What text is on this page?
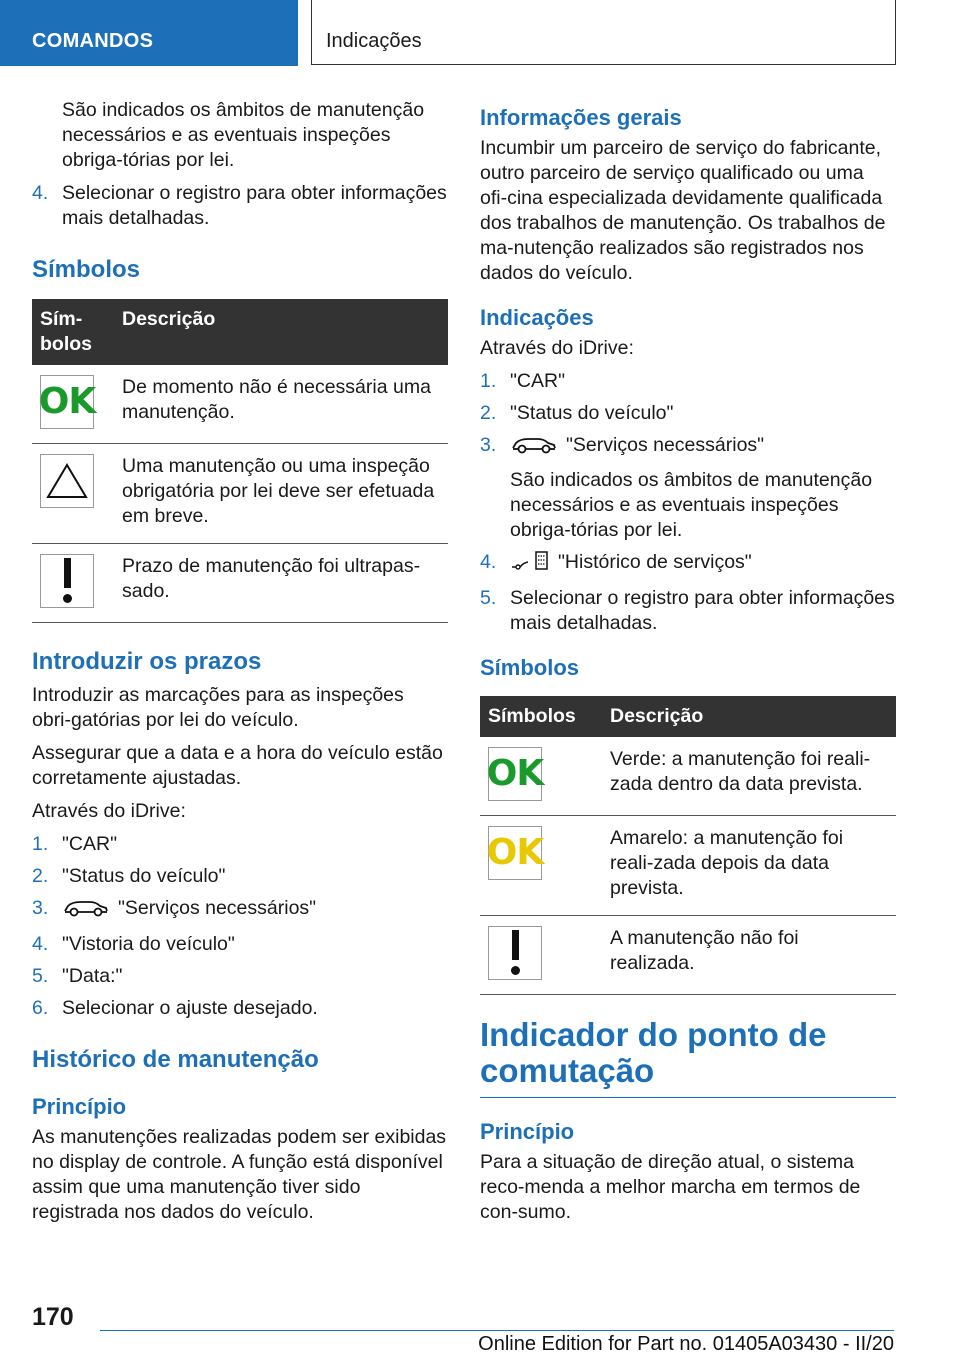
COMANDOS	Indicações

São indicados os âmbitos de manutenção necessários e as eventuais inspeções obriga-tórias por lei.

4. Selecionar o registro para obter informações mais detalhadas.
Símbolos
Sím-bolos	Descrição

OK	De momento não é necessária uma manutenção.

	Uma manutenção ou uma inspeção obrigatória por lei deve ser efetuada em breve.

	Prazo de manutenção foi ultrapas-sado.
Introduzir os prazos

Introduzir as marcações para as inspeções obri-gatórias por lei do veículo.

Assegurar que a data e a hora do veículo estão corretamente ajustadas.

Através do iDrive:

1. "CAR"
2. "Status do veículo"
3.	"Serviços necessários"
4. "Vistoria do veículo"
5. "Data:"
6. Selecionar o ajuste desejado.
Histórico de manutenção
Princípio

As manutenções realizadas podem ser exibidas no display de controle. A função está disponível assim que uma manutenção tiver sido registrada nos dados do veículo.

Informações gerais

Incumbir um parceiro de serviço do fabricante, outro parceiro de serviço qualificado ou uma ofi-cina especializada devidamente qualificada dos trabalhos de manutenção. Os trabalhos de ma-nutenção realizados são registrados nos dados do veículo.

Indicações

Através do iDrive:

1. "CAR"
2. "Status do veículo"
3.	"Serviços necessários"
São indicados os âmbitos de manutenção necessários e as eventuais inspeções obriga-tórias por lei.
4.	"Histórico de serviços"
5. Selecionar o registro para obter informações mais detalhadas.
Símbolos
Símbolos	Descrição

OK	Verde: a manutenção foi reali-zada dentro da data prevista.

OK	Amarelo: a manutenção foi reali-zada depois da data prevista.

	A manutenção não foi realizada.
Indicador do ponto de comutação
Princípio

Para a situação de direção atual, o sistema reco-menda a melhor marcha em termos de con-sumo.

170
Online Edition for Part no. 01405A03430 - II/20
